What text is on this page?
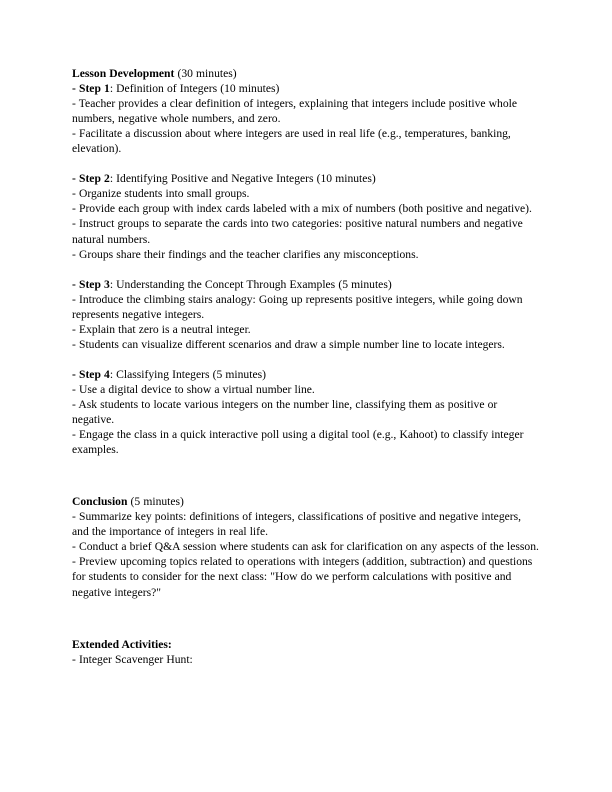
Lesson Development (30 minutes)

- Step 1: Definition of Integers (10 minutes)

- Teacher provides a clear definition of integers, explaining that integers include positive whole numbers, negative whole numbers, and zero.

- Facilitate a discussion about where integers are used in real life (e.g., temperatures, banking, elevation).

- Step 2: Identifying Positive and Negative Integers (10 minutes)

- Organize students into small groups.

- Provide each group with index cards labeled with a mix of numbers (both positive and negative).

- Instruct groups to separate the cards into two categories: positive natural numbers and negative natural numbers.

- Groups share their findings and the teacher clarifies any misconceptions.

- Step 3: Understanding the Concept Through Examples (5 minutes)

- Introduce the climbing stairs analogy: Going up represents positive integers, while going down represents negative integers.

- Explain that zero is a neutral integer.

- Students can visualize different scenarios and draw a simple number line to locate integers.

- Step 4: Classifying Integers (5 minutes)

- Use a digital device to show a virtual number line.

- Ask students to locate various integers on the number line, classifying them as positive or negative.

- Engage the class in a quick interactive poll using a digital tool (e.g., Kahoot) to classify integer examples.

Conclusion (5 minutes)

- Summarize key points: definitions of integers, classifications of positive and negative integers, and the importance of integers in real life.

- Conduct a brief Q&A session where students can ask for clarification on any aspects of the lesson.

- Preview upcoming topics related to operations with integers (addition, subtraction) and questions for students to consider for the next class: "How do we perform calculations with positive and negative integers?"

Extended Activities:

- Integer Scavenger Hunt:
